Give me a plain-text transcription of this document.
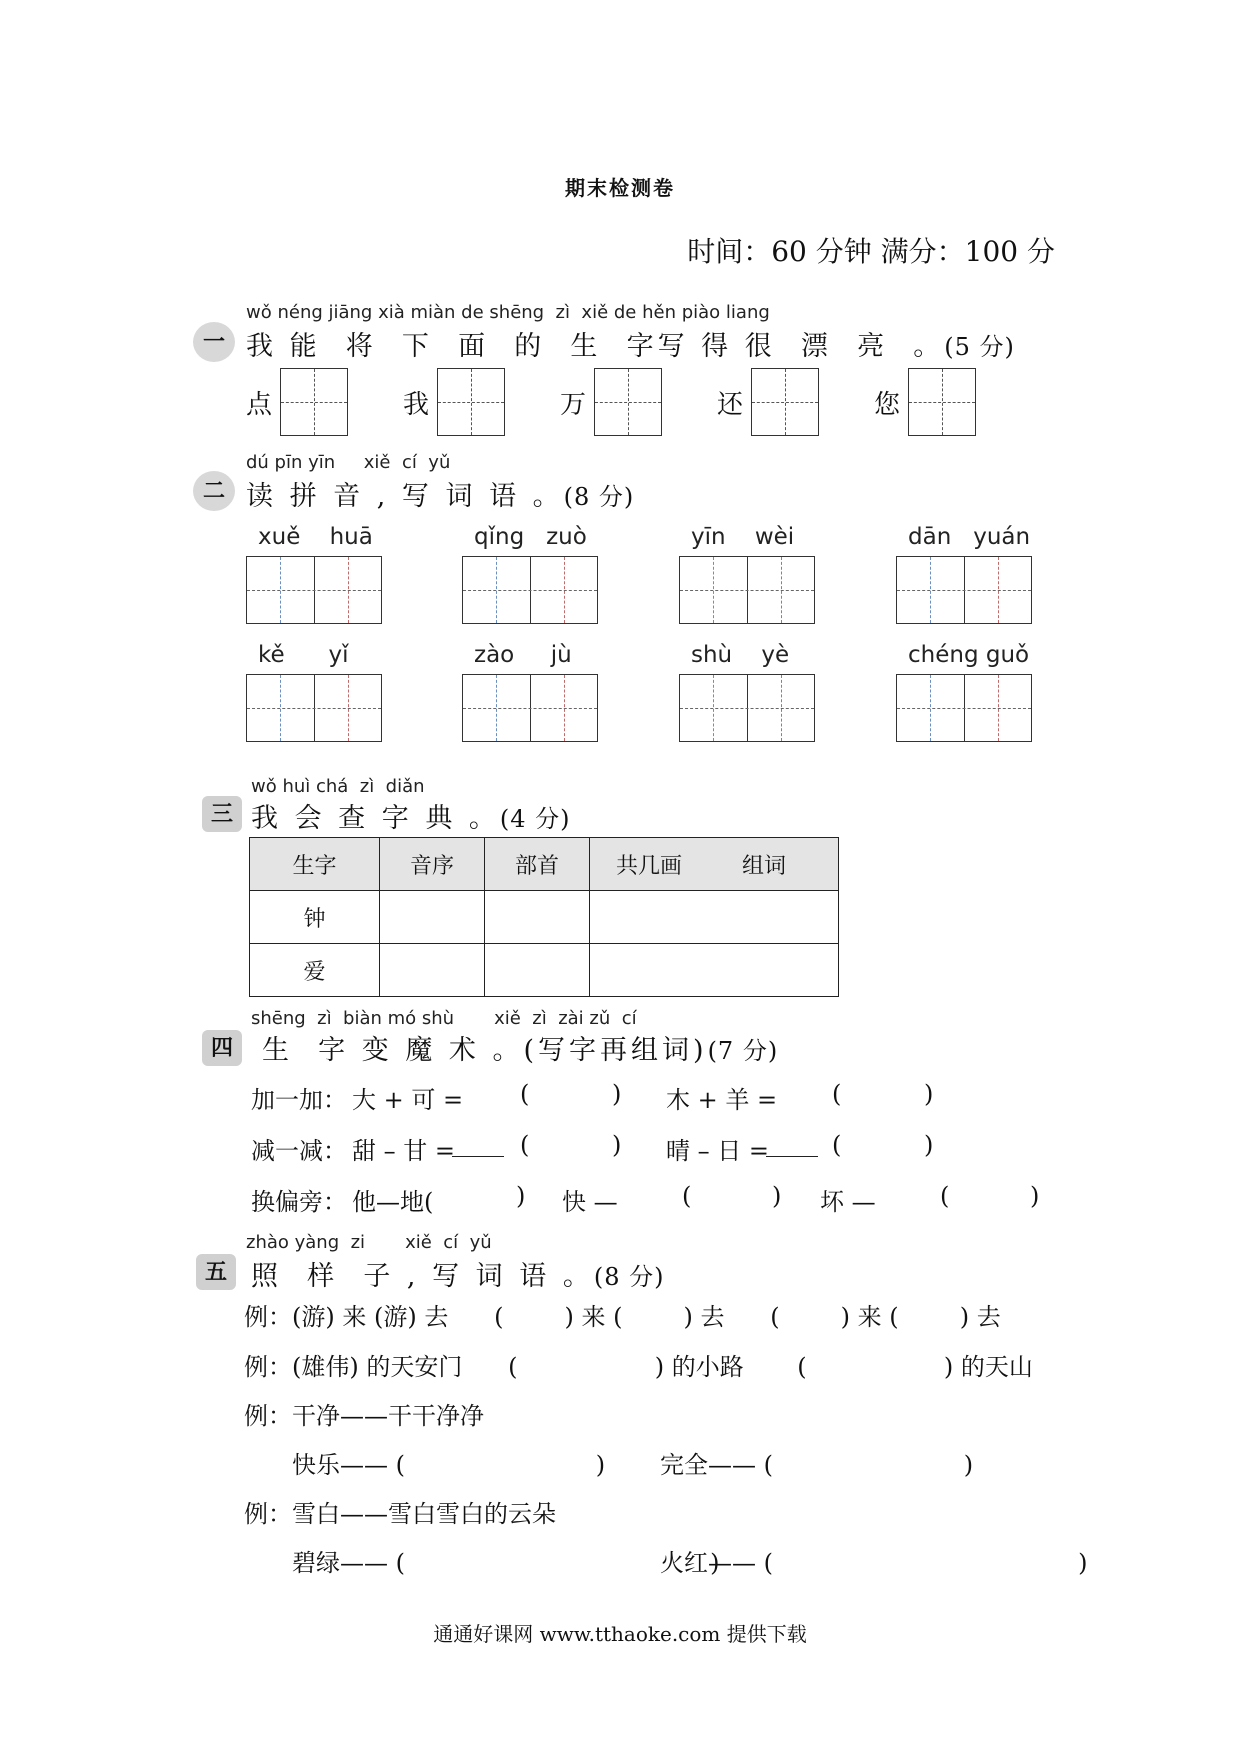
期末检测卷
时间：60 分钟 满分：100 分
wǒ néng jiāng xià miàn de shēng  zì  xiě de hěn piào liang
一 我 能  将  下  面  的  生  字写 得 很  漂  亮  。(5 分)
点	我	万	还	您
dú pīn yīn     xiě  cí  yǔ
二 读 拼 音 , 写 词 语 。(8 分)
xuě    huā	qǐng   zuò	yīn    wèi	dān   yuán
kě      yǐ	zào     jù	shù    yè	chéng guǒ
wǒ huì chá  zì  diǎn
三 我 会 查 字 典 。(4 分)
生字	音序	部首	共几画 组词
钟			
爱			
shēng  zì  biàn mó shù       xiě  zì  zài zǔ  cí
四	生  字 变 魔 术 。(写字再组词)(7 分)
加一加： 大 + 可 = (	) 木 + 羊 = (	)
减一减： 甜 – 甘 =	(	) 晴 – 日 =	(	)
换偏旁： 他—地(	) 快 —	(	) 坏 —	(	)
zhào yàng  zi       xiě  cí  yǔ
五 照  样  子 , 写 词 语 。(8 分)
例：(游) 来 (游) 去      (        ) 来 (        ) 去      (        ) 来 (        ) 去
例：(雄伟) 的天安门      (                  ) 的小路       (                  ) 的天山
例：干净——干干净净
快乐—— (                         ) 完全—— (                         )
例：雪白——雪白雪白的云朵
碧绿—— (                                        )
火红—— (                                        )
通通好课网 www.tthaoke.com 提供下载
